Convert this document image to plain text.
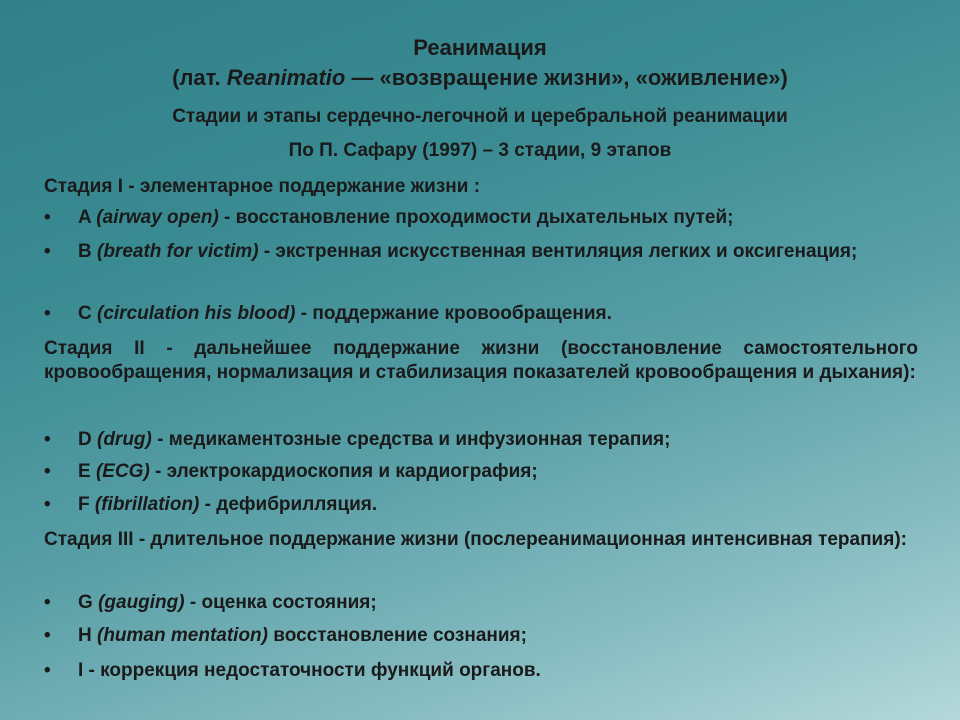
Реанимация
(лат. Reanimatio — «возвращение жизни», «оживление»)
Стадии и этапы сердечно-легочной и церебральной реанимации
По П. Сафару (1997) – 3 стадии, 9 этапов
Стадия I - элементарное поддержание жизни :
• A (airway open) - восстановление проходимости дыхательных путей;
• B (breath for victim) - экстренная искусственная вентиляция легких и оксигенация;
• C (circulation his blood) - поддержание кровообращения.
Стадия II - дальнейшее поддержание жизни (восстановление самостоятельного кровообращения, нормализация и стабилизация показателей кровообращения и дыхания):
• D (drug) - медикаментозные средства и инфузионная терапия;
• E (ECG) - электрокардиоскопия и кардиография;
• F (fibrillation) - дефибрилляция.
Стадия III - длительное поддержание жизни (послереанимационная интенсивная терапия):
• G (gauging) - оценка состояния;
• H (human mentation) восстановление сознания;
• I - коррекция недостаточности функций органов.
